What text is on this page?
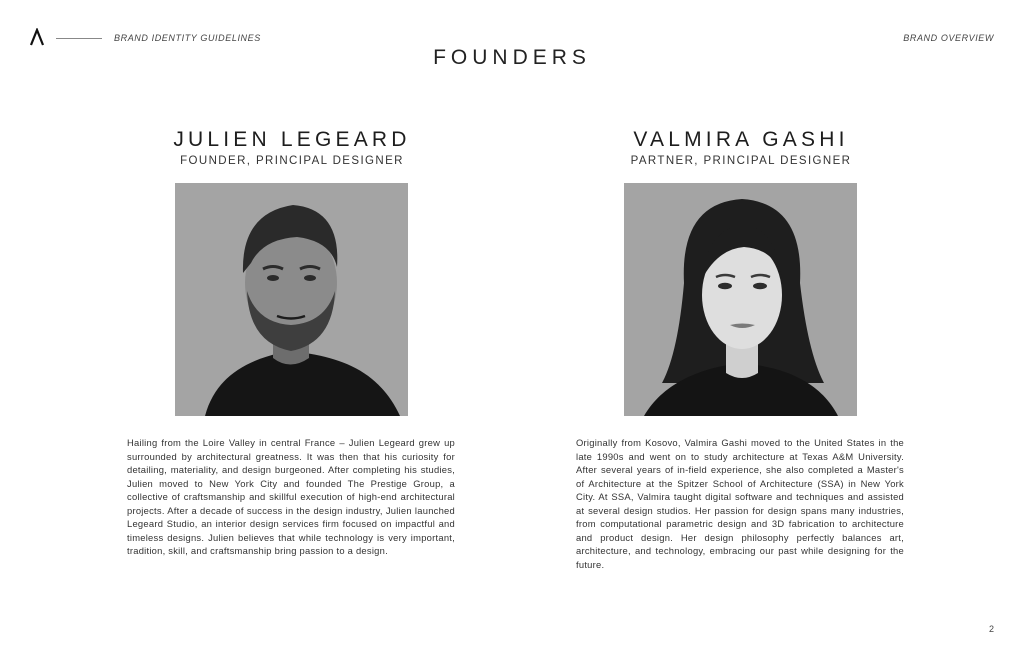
BRAND IDENTITY GUIDELINES	BRAND OVERVIEW
FOUNDERS
JULIEN LEGEARD
FOUNDER, PRINCIPAL DESIGNER
Hailing from the Loire Valley in central France – Julien Legeard grew up surrounded by architectural greatness. It was then that his curiosity for detailing, materiality, and design burgeoned. After completing his studies, Julien moved to New York City and founded The Prestige Group, a collective of craftsmanship and skillful execution of high-end architectural projects. After a decade of success in the design industry, Julien launched Legeard Studio, an interior design services firm focused on impactful and timeless designs. Julien believes that while technology is very important, tradition, skill, and craftsmanship bring passion to a design.
VALMIRA GASHI
PARTNER, PRINCIPAL DESIGNER
Originally from Kosovo, Valmira Gashi moved to the United States in the late 1990s and went on to study architecture at Texas A&M University. After several years of in-field experience, she also completed a Master's of Architecture at the Spitzer School of Architecture (SSA) in New York City. At SSA, Valmira taught digital software and techniques and assisted at several design studios. Her passion for design spans many industries, from computational parametric design and 3D fabrication to architecture and product design. Her design philosophy perfectly balances art, architecture, and technology, embracing our past while designing for the future.
2
